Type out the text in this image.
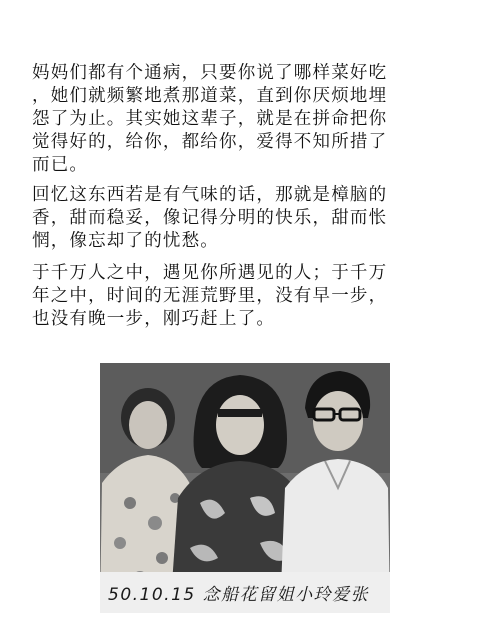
妈妈们都有个通病，只要你说了哪样菜好吃
，她们就频繁地煮那道菜，直到你厌烦地埋
怨了为止。其实她这辈子，就是在拼命把你
觉得好的，给你，都给你，爱得不知所措了
而已。
回忆这东西若是有气味的话，那就是樟脑的
香，甜而稳妥，像记得分明的快乐，甜而怅
惘，像忘却了的忧愁。
于千万人之中，遇见你所遇见的人；于千万
年之中，时间的无涯荒野里，没有早一步，
也没有晚一步，刚巧赶上了。
50.10.15 念船花留姐小玲爱张
